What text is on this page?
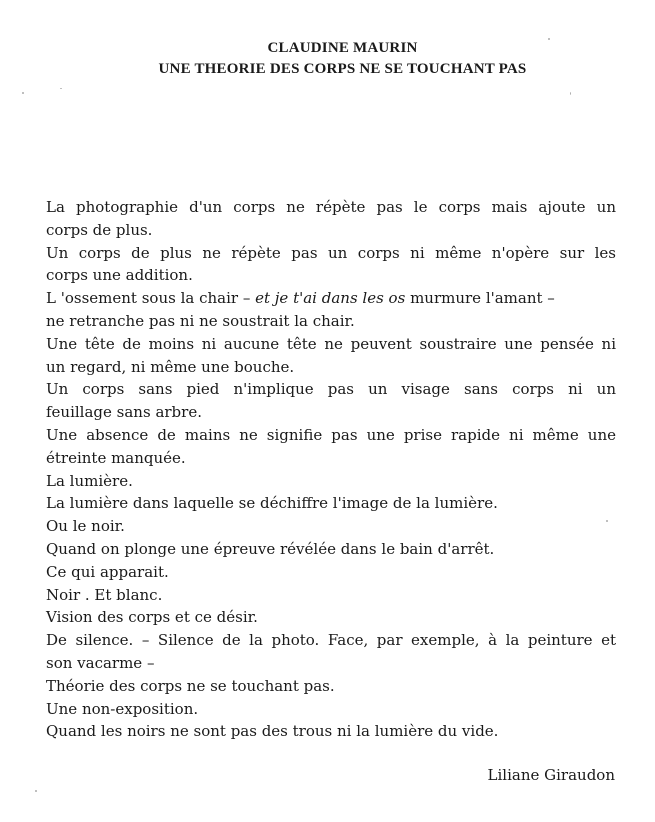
CLAUDINE MAURIN
UNE THEORIE DES CORPS NE SE TOUCHANT PAS
La photographie d'un corps ne répète pas le corps mais ajoute un
corps de plus.
Un corps de plus ne répète pas un corps ni même n'opère sur les
corps une addition.
L 'ossement sous la chair – et je t'ai dans les os murmure l'amant –
ne retranche pas ni ne soustrait la chair.
Une tête de moins ni aucune tête ne peuvent soustraire une pensée ni
un regard, ni même une bouche.
Un corps sans pied n'implique pas un visage sans corps ni un
feuillage sans arbre.
Une absence de mains ne signifie pas une prise rapide ni même une
étreinte manquée.
La lumière.
La lumière dans laquelle se déchiffre l'image de la lumière.
Ou le noir.
Quand on plonge une épreuve révélée dans le bain d'arrêt.
Ce qui apparait.
Noir . Et blanc.
Vision des corps et ce désir.
De silence. – Silence de la photo. Face, par exemple, à la peinture et
son vacarme –
Théorie des corps ne se touchant pas.
Une non-exposition.
Quand les noirs ne sont pas des trous ni la lumière du vide.
Liliane Giraudon
